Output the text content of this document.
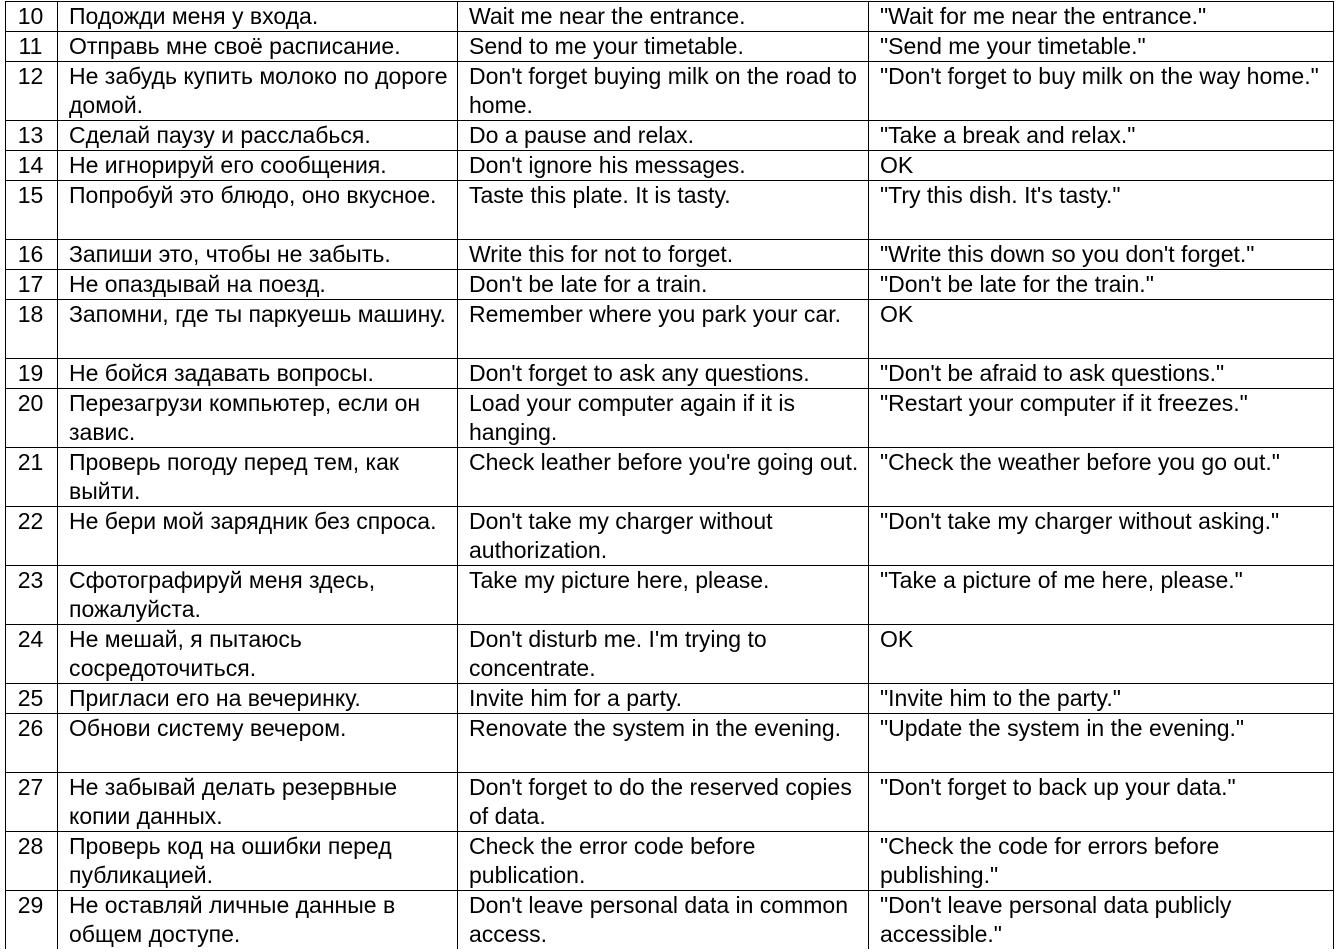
10	Подожди меня у входа.	Wait me near the entrance.	"Wait for me near the entrance."
11	Отправь мне своё расписание.	Send to me your timetable.	"Send me your timetable."
12	Не забудь купить молоко по дороге домой.	Don't forget buying milk on the road to home.	"Don't forget to buy milk on the way home."
13	Сделай паузу и расслабься.	Do a pause and relax.	"Take a break and relax."
14	Не игнорируй его сообщения.	Don't ignore his messages.	OK
15	Попробуй это блюдо, оно вкусное.	Taste this plate. It is tasty.	"Try this dish. It's tasty."
16	Запиши это, чтобы не забыть.	Write this for not to forget.	"Write this down so you don't forget."
17	Не опаздывай на поезд.	Don't be late for a train.	"Don't be late for the train."
18	Запомни, где ты паркуешь машину.	Remember where you park your car.	OK
19	Не бойся задавать вопросы.	Don't forget to ask any questions.	"Don't be afraid to ask questions."
20	Перезагрузи компьютер, если он завис.	Load your computer again if it is hanging.	"Restart your computer if it freezes."
21	Проверь погоду перед тем, как выйти.	Check leather before you're going out.	"Check the weather before you go out."
22	Не бери мой зарядник без спроса.	Don't take my charger without authorization.	"Don't take my charger without asking."
23	Сфотографируй меня здесь, пожалуйста.	Take my picture here, please.	"Take a picture of me here, please."
24	Не мешай, я пытаюсь сосредоточиться.	Don't disturb me. I'm trying to concentrate.	OK
25	Пригласи его на вечеринку.	Invite him for a party.	"Invite him to the party."
26	Обнови систему вечером.	Renovate the system in the evening.	"Update the system in the evening."
27	Не забывай делать резервные копии данных.	Don't forget to do the reserved copies of data.	"Don't forget to back up your data."
28	Проверь код на ошибки перед публикацией.	Check the error code before publication.	"Check the code for errors before publishing."
29	Не оставляй личные данные в общем доступе.	Don't leave personal data in common access.	"Don't leave personal data publicly accessible."
